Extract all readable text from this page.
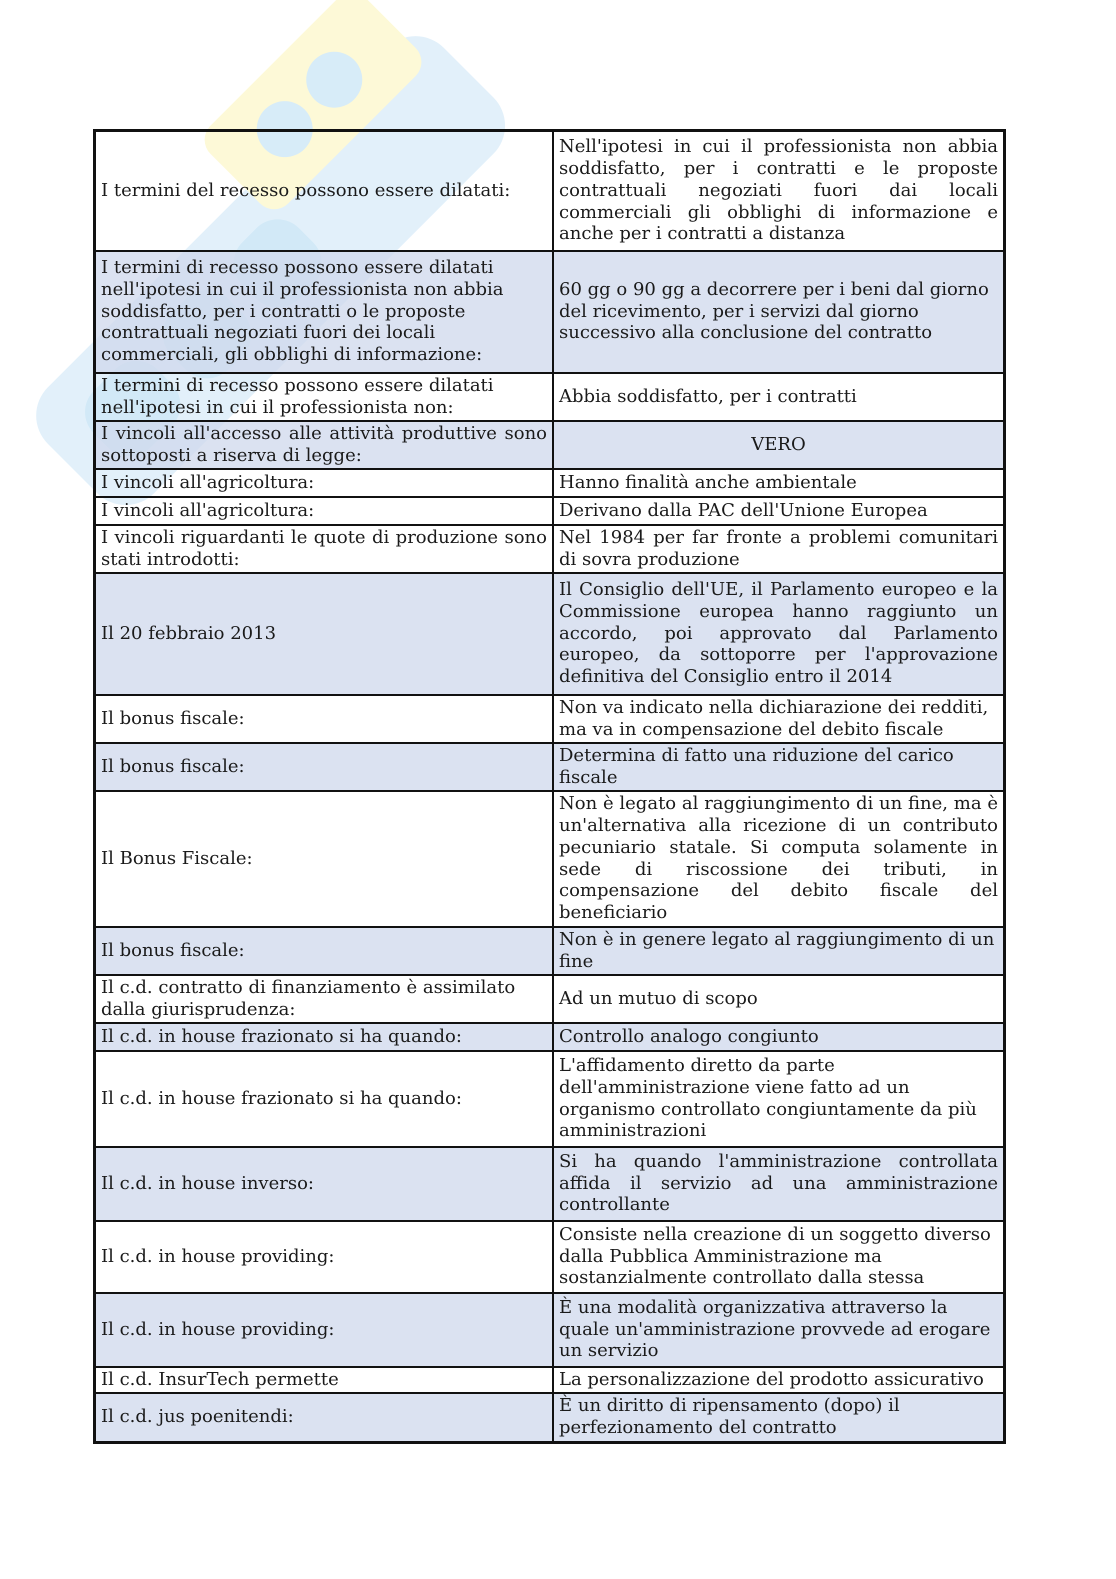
I termini del recesso possono essere dilatati:	Nell'ipotesi in cui il professionista non abbia soddisfatto, per i contratti e le proposte contrattuali negoziati fuori dai locali commerciali gli obblighi di informazione e anche per i contratti a distanza
I termini di recesso possono essere dilatati nell'ipotesi in cui il professionista non abbia soddisfatto, per i contratti o le proposte contrattuali negoziati fuori dei locali commerciali, gli obblighi di informazione:	60 gg o 90 gg a decorrere per i beni dal giorno del ricevimento, per i servizi dal giorno successivo alla conclusione del contratto
I termini di recesso possono essere dilatati nell'ipotesi in cui il professionista non:	Abbia soddisfatto, per i contratti
I vincoli all'accesso alle attività produttive sono sottoposti a riserva di legge:	VERO
I vincoli all'agricoltura:	Hanno finalità anche ambientale
I vincoli all'agricoltura:	Derivano dalla PAC dell'Unione Europea
I vincoli riguardanti le quote di produzione sono stati introdotti:	Nel 1984 per far fronte a problemi comunitari di sovra produzione
Il 20 febbraio 2013	Il Consiglio dell'UE, il Parlamento europeo e la Commissione europea hanno raggiunto un accordo, poi approvato dal Parlamento europeo, da sottoporre per l'approvazione definitiva del Consiglio entro il 2014
Il bonus fiscale:	Non va indicato nella dichiarazione dei redditi, ma va in compensazione del debito fiscale
Il bonus fiscale:	Determina di fatto una riduzione del carico fiscale
Il Bonus Fiscale:	Non è legato al raggiungimento di un fine, ma è un'alternativa alla ricezione di un contributo pecuniario statale. Si computa solamente in sede di riscossione dei tributi, in compensazione del debito fiscale del beneficiario
Il bonus fiscale:	Non è in genere legato al raggiungimento di un fine
Il c.d. contratto di finanziamento è assimilato dalla giurisprudenza:	Ad un mutuo di scopo
Il c.d. in house frazionato si ha quando:	Controllo analogo congiunto
Il c.d. in house frazionato si ha quando:	L'affidamento diretto da parte dell'amministrazione viene fatto ad un organismo controllato congiuntamente da più amministrazioni
Il c.d. in house inverso:	Si ha quando l'amministrazione controllata affida il servizio ad una amministrazione controllante
Il c.d. in house providing:	Consiste nella creazione di un soggetto diverso dalla Pubblica Amministrazione ma sostanzialmente controllato dalla stessa
Il c.d. in house providing:	È una modalità organizzativa attraverso la quale un'amministrazione provvede ad erogare un servizio
Il c.d. InsurTech permette	La personalizzazione del prodotto assicurativo
Il c.d. jus poenitendi:	È un diritto di ripensamento (dopo) il perfezionamento del contratto
